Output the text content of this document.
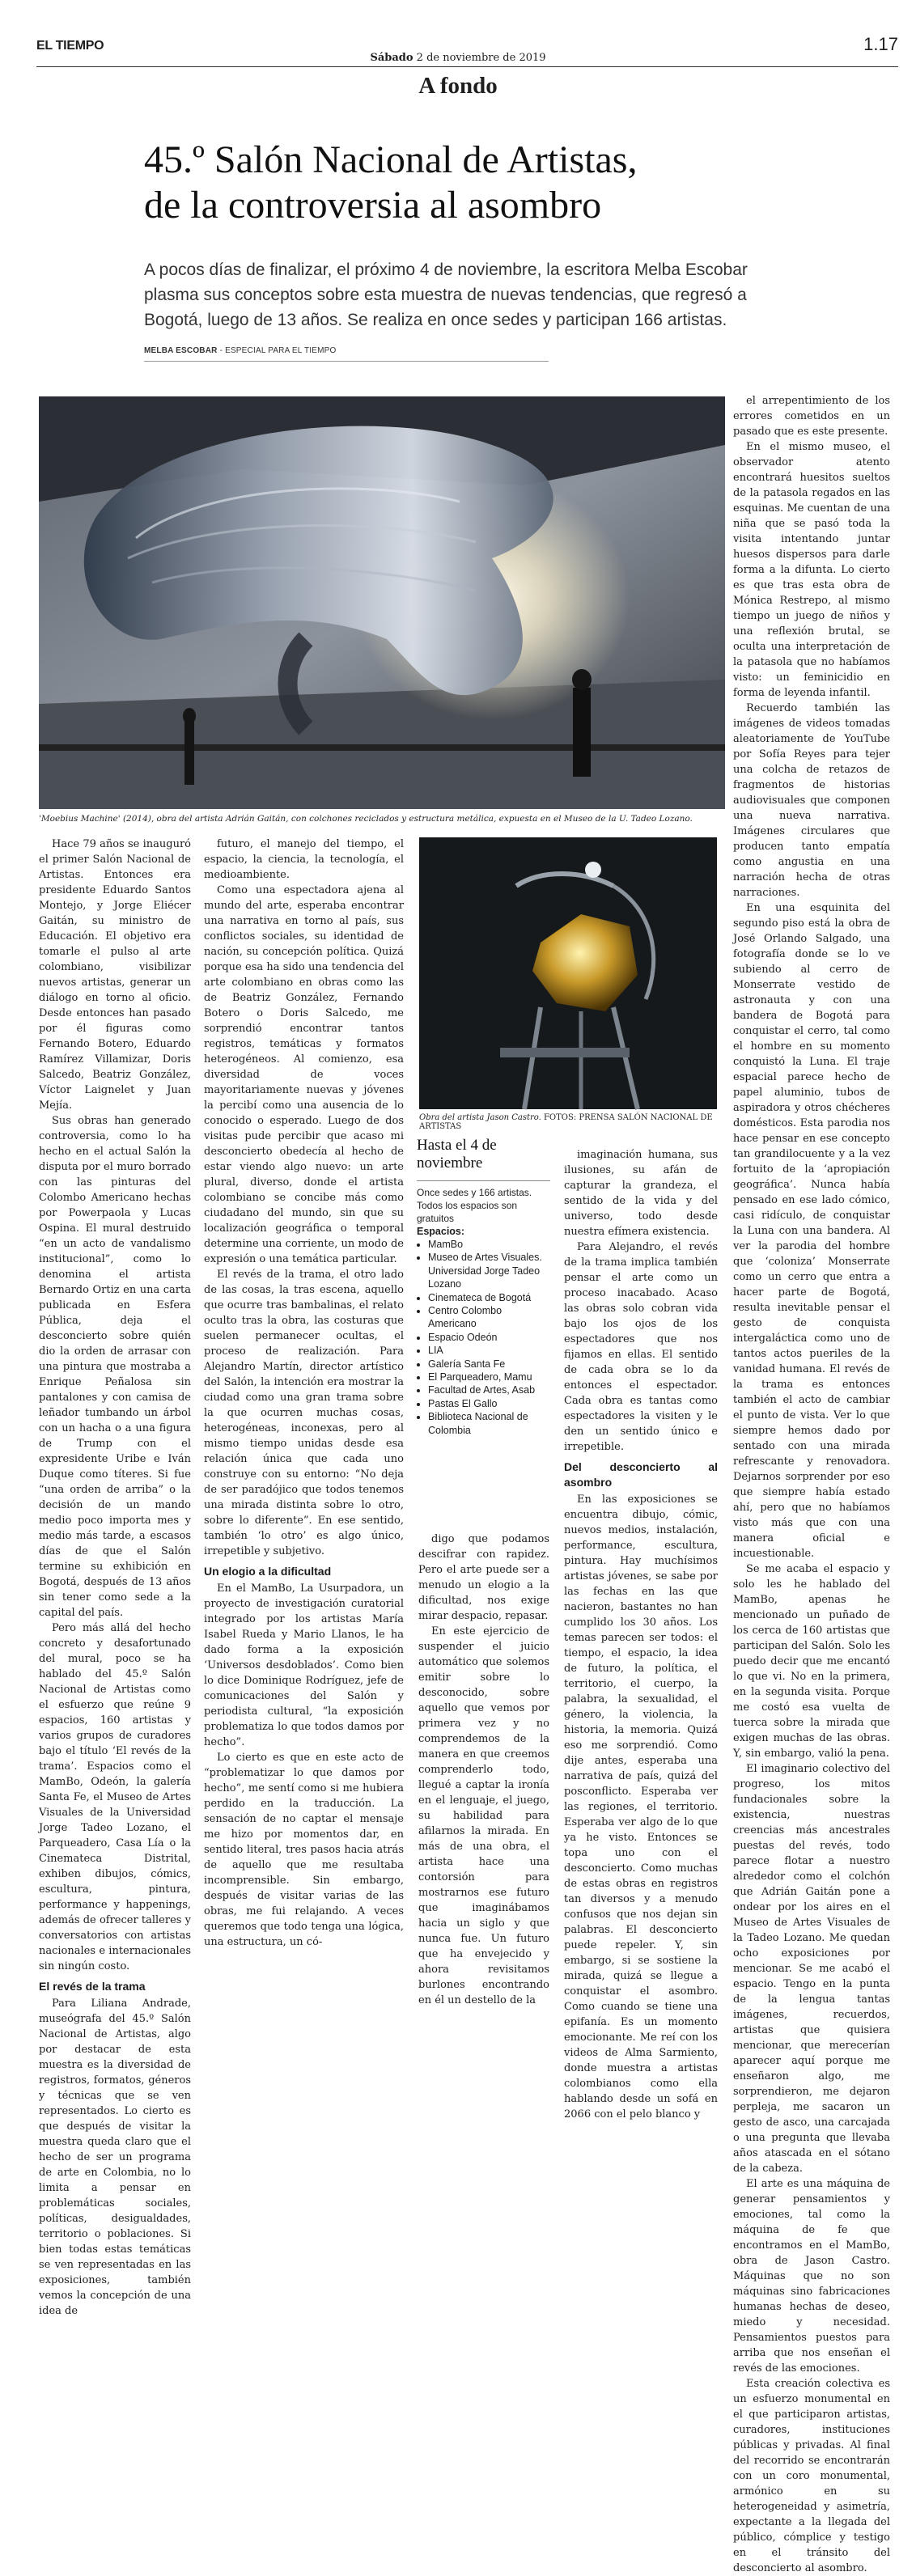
EL TIEMPO
Sábado 2 de noviembre de 2019
1.17
A fondo
45.º Salón Nacional de Artistas,
de la controversia al asombro
A pocos días de finalizar, el próximo 4 de noviembre, la escritora Melba Escobar plasma sus conceptos sobre esta muestra de nuevas tendencias, que regresó a Bogotá, luego de 13 años. Se realiza en once sedes y participan 166 artistas.
MELBA ESCOBAR - ESPECIAL PARA EL TIEMPO
'Moebius Machine' (2014), obra del artista Adrián Gaitán, con colchones reciclados y estructura metálica, expuesta en el Museo de la U. Tadeo Lozano.

Hace 79 años se inauguró el primer Salón Nacional de Artistas. Entonces era presidente Eduardo Santos Montejo, y Jorge Eliécer Gaitán, su ministro de Educación. El objetivo era tomarle el pulso al arte colombiano, visibilizar nuevos artistas, generar un diálogo en torno al oficio. Desde entonces han pasado por él figuras como Fernando Botero, Eduardo Ramírez Villamizar, Doris Salcedo, Beatriz González, Víctor Laignelet y Juan Mejía.

Sus obras han generado controversia, como lo ha hecho en el actual Salón la disputa por el muro borrado con las pinturas del Colombo Americano hechas por Powerpaola y Lucas Ospina. El mural destruido “en un acto de vandalismo institucional”, como lo denomina el artista Bernardo Ortiz en una carta publicada en Esfera Pública, deja el desconcierto sobre quién dio la orden de arrasar con una pintura que mostraba a Enrique Peñalosa sin pantalones y con camisa de leñador tumbando un árbol con un hacha o a una figura de Trump con el expresidente Uribe e Iván Duque como títeres. Si fue “una orden de arriba” o la decisión de un mando medio poco importa mes y medio más tarde, a escasos días de que el Salón termine su exhibición en Bogotá, después de 13 años sin tener como sede a la capital del país.

Pero más allá del hecho concreto y desafortunado del mural, poco se ha hablado del 45.º Salón Nacional de Artistas como el esfuerzo que reúne 9 espacios, 160 artistas y varios grupos de curadores bajo el título ‘El revés de la trama’. Espacios como el MamBo, Odeón, la galería Santa Fe, el Museo de Artes Visuales de la Universidad Jorge Tadeo Lozano, el Parqueadero, Casa Lía o la Cinemateca Distrital, exhiben dibujos, cómics, escultura, pintura, performance y happenings, además de ofrecer talleres y conversatorios con artistas nacionales e internacionales sin ningún costo.

El revés de la trama

Para Liliana Andrade, museógrafa del 45.º Salón Nacional de Artistas, algo por destacar de esta muestra es la diversidad de registros, formatos, géneros y técnicas que se ven representados. Lo cierto es que después de visitar la muestra queda claro que el hecho de ser un programa de arte en Colombia, no lo limita a pensar en problemáticas sociales, políticas, desigualdades, territorio o poblaciones. Si bien todas estas temáticas se ven representadas en las exposiciones, también vemos la concepción de una idea de

futuro, el manejo del tiempo, el espacio, la ciencia, la tecnología, el medioambiente.

Como una espectadora ajena al mundo del arte, esperaba encontrar una narrativa en torno al país, sus conflictos sociales, su identidad de nación, su concepción política. Quizá porque esa ha sido una tendencia del arte colombiano en obras como las de Beatriz González, Fernando Botero o Doris Salcedo, me sorprendió encontrar tantos registros, temáticas y formatos heterogéneos. Al comienzo, esa diversidad de voces mayoritariamente nuevas y jóvenes la percibí como una ausencia de lo conocido o esperado. Luego de dos visitas pude percibir que acaso mi desconcierto obedecía al hecho de estar viendo algo nuevo: un arte plural, diverso, donde el artista colombiano se concibe más como ciudadano del mundo, sin que su localización geográfica o temporal determine una corriente, un modo de expresión o una temática particular.

El revés de la trama, el otro lado de las cosas, la tras escena, aquello que ocurre tras bambalinas, el relato oculto tras la obra, las costuras que suelen permanecer ocultas, el proceso de realización. Para Alejandro Martín, director artístico del Salón, la intención era mostrar la ciudad como una gran trama sobre la que ocurren muchas cosas, heterogéneas, inconexas, pero al mismo tiempo unidas desde esa relación única que cada uno construye con su entorno: “No deja de ser paradójico que todos tenemos una mirada distinta sobre lo otro, sobre lo diferente”. En ese sentido, también ‘lo otro’ es algo único, irrepetible y subjetivo.

Un elogio a la dificultad

En el MamBo, La Usurpadora, un proyecto de investigación curatorial integrado por los artistas María Isabel Rueda y Mario Llanos, le ha dado forma a la exposición ‘Universos desdoblados’. Como bien lo dice Dominique Rodríguez, jefe de comunicaciones del Salón y periodista cultural, “la exposición problematiza lo que todos damos por hecho”.

Lo cierto es que en este acto de “problematizar lo que damos por hecho”, me sentí como si me hubiera perdido en la traducción. La sensación de no captar el mensaje me hizo por momentos dar, en sentido literal, tres pasos hacia atrás de aquello que me resultaba incomprensible. Sin embargo, después de visitar varias de las obras, me fui relajando. A veces queremos que todo tenga una lógica, una estructura, un có-

Obra del artista Jason Castro. FOTOS: PRENSA SALÓN NACIONAL DE ARTISTAS
Hasta el 4 de noviembre
Once sedes y 166 artistas. Todos los espacios son gratuitos
Espacios:
• MamBo
• Museo de Artes Visuales. Universidad Jorge Tadeo Lozano
• Cinemateca de Bogotá
• Centro Colombo Americano
• Espacio Odeón
• LIA
• Galería Santa Fe
• El Parqueadero, Mamu
• Facultad de Artes, Asab
• Pastas El Gallo
• Biblioteca Nacional de Colombia

digo que podamos descifrar con rapidez. Pero el arte puede ser a menudo un elogio a la dificultad, nos exige mirar despacio, repasar.

En este ejercicio de suspender el juicio automático que solemos emitir sobre lo desconocido, sobre aquello que vemos por primera vez y no comprendemos de la manera en que creemos comprenderlo todo, llegué a captar la ironía en el lenguaje, el juego, su habilidad para afilarnos la mirada. En más de una obra, el artista hace una contorsión para mostrarnos ese futuro que imaginábamos hacia un siglo y que nunca fue. Un futuro que ha envejecido y ahora revisitamos burlones encontrando en él un destello de la

imaginación humana, sus ilusiones, su afán de capturar la grandeza, el sentido de la vida y del universo, todo desde nuestra efímera existencia.

Para Alejandro, el revés de la trama implica también pensar el arte como un proceso inacabado. Acaso las obras solo cobran vida bajo los ojos de los espectadores que nos fijamos en ellas. El sentido de cada obra se lo da entonces el espectador. Cada obra es tantas como espectadores la visiten y le den un sentido único e irrepetible.

Del desconcierto al asombro

En las exposiciones se encuentra dibujo, cómic, nuevos medios, instalación, performance, escultura, pintura. Hay muchísimos artistas jóvenes, se sabe por las fechas en las que nacieron, bastantes no han cumplido los 30 años. Los temas parecen ser todos: el tiempo, el espacio, la idea de futuro, la política, el territorio, el cuerpo, la palabra, la sexualidad, el género, la violencia, la historia, la memoria. Quizá eso me sorprendió. Como dije antes, esperaba una narrativa de país, quizá del posconflicto. Esperaba ver las regiones, el territorio. Esperaba ver algo de lo que ya he visto. Entonces se topa uno con el desconcierto. Como muchas de estas obras en registros tan diversos y a menudo confusos que nos dejan sin palabras. El desconcierto puede repeler. Y, sin embargo, si se sostiene la mirada, quizá se llegue a conquistar el asombro. Como cuando se tiene una epifanía. Es un momento emocionante. Me reí con los videos de Alma Sarmiento, donde muestra a artistas colombianos como ella hablando desde un sofá en 2066 con el pelo blanco y

el arrepentimiento de los errores cometidos en un pasado que es este presente.

En el mismo museo, el observador atento encontrará huesitos sueltos de la patasola regados en las esquinas. Me cuentan de una niña que se pasó toda la visita intentando juntar huesos dispersos para darle forma a la difunta. Lo cierto es que tras esta obra de Mónica Restrepo, al mismo tiempo un juego de niños y una reflexión brutal, se oculta una interpretación de la patasola que no habíamos visto: un feminicidio en forma de leyenda infantil.

Recuerdo también las imágenes de videos tomadas aleatoriamente de YouTube por Sofía Reyes para tejer una colcha de retazos de fragmentos de historias audiovisuales que componen una nueva narrativa. Imágenes circulares que producen tanto empatía como angustia en una narración hecha de otras narraciones.

En una esquinita del segundo piso está la obra de José Orlando Salgado, una fotografía donde se lo ve subiendo al cerro de Monserrate vestido de astronauta y con una bandera de Bogotá para conquistar el cerro, tal como el hombre en su momento conquistó la Luna. El traje espacial parece hecho de papel aluminio, tubos de aspiradora y otros chécheres domésticos. Esta parodia nos hace pensar en ese concepto tan grandilocuente y a la vez fortuito de la ‘apropiación geográfica’. Nunca había pensado en ese lado cómico, casi ridículo, de conquistar la Luna con una bandera. Al ver la parodia del hombre que ‘coloniza’ Monserrate como un cerro que entra a hacer parte de Bogotá, resulta inevitable pensar el gesto de conquista intergaláctica como uno de tantos actos pueriles de la vanidad humana. El revés de la trama es entonces también el acto de cambiar el punto de vista. Ver lo que siempre hemos dado por sentado con una mirada refrescante y renovadora. Dejarnos sorprender por eso que siempre había estado ahí, pero que no habíamos visto más que con una manera oficial e incuestionable.

Se me acaba el espacio y solo les he hablado del MamBo, apenas he mencionado un puñado de los cerca de 160 artistas que participan del Salón. Solo les puedo decir que me encantó lo que vi. No en la primera, en la segunda visita. Porque me costó esa vuelta de tuerca sobre la mirada que exigen muchas de las obras. Y, sin embargo, valió la pena.

El imaginario colectivo del progreso, los mitos fundacionales sobre la existencia, nuestras creencias más ancestrales puestas del revés, todo parece flotar a nuestro alrededor como el colchón que Adrián Gaitán pone a ondear por los aires en el Museo de Artes Visuales de la Tadeo Lozano. Me quedan ocho exposiciones por mencionar. Se me acabó el espacio. Tengo en la punta de la lengua tantas imágenes, recuerdos, artistas que quisiera mencionar, que merecerían aparecer aquí porque me enseñaron algo, me sorprendieron, me dejaron perpleja, me sacaron un gesto de asco, una carcajada o una pregunta que llevaba años atascada en el sótano de la cabeza.

El arte es una máquina de generar pensamientos y emociones, tal como la máquina de fe que encontramos en el MamBo, obra de Jason Castro. Máquinas que no son máquinas sino fabricaciones humanas hechas de deseo, miedo y necesidad. Pensamientos puestos para arriba que nos enseñan el revés de las emociones.

Esta creación colectiva es un esfuerzo monumental en el que participaron artistas, curadores, instituciones públicas y privadas. Al final del recorrido se encontrarán con un coro monumental, armónico en su heterogeneidad y asimetría, expectante a la llegada del público, cómplice y testigo en el tránsito del desconcierto al asombro.
